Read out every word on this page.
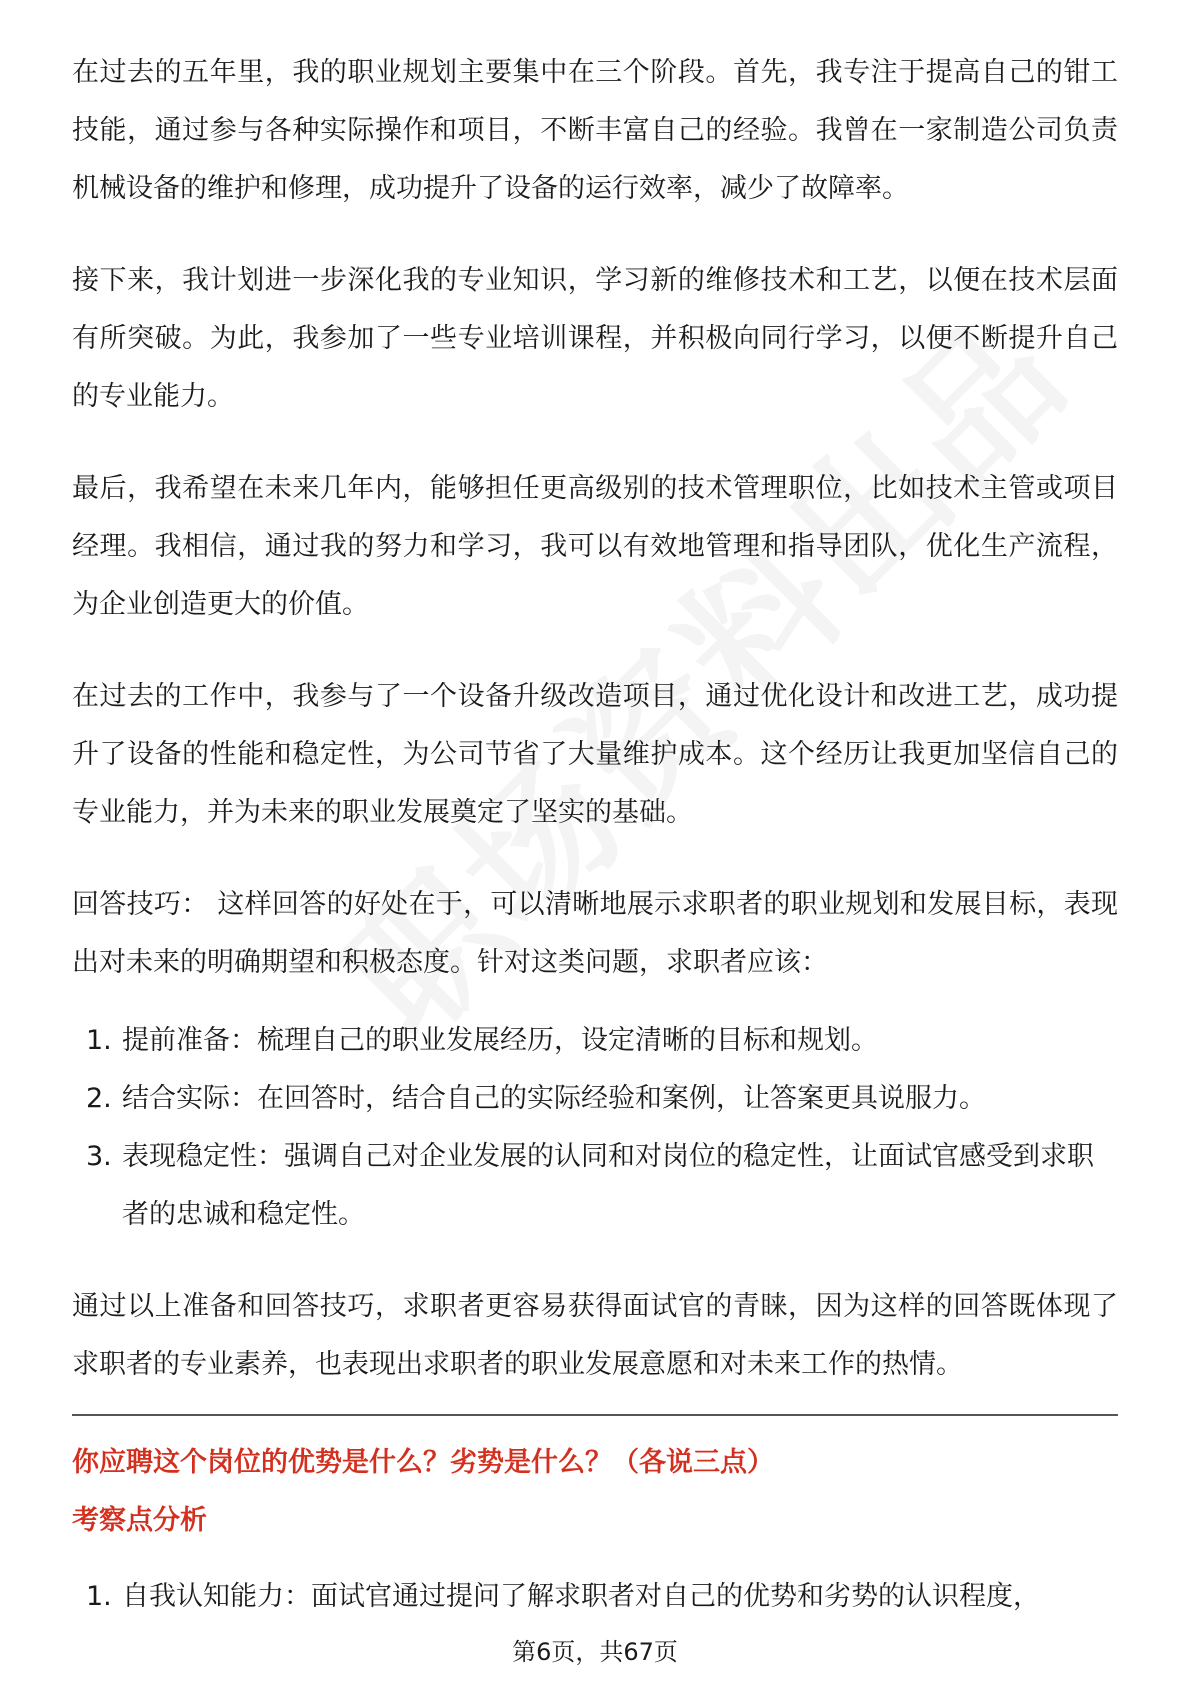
在过去的五年里，我的职业规划主要集中在三个阶段。首先，我专注于提高自己的钳工技能，通过参与各种实际操作和项目，不断丰富自己的经验。我曾在一家制造公司负责机械设备的维护和修理，成功提升了设备的运行效率，减少了故障率。

接下来，我计划进一步深化我的专业知识，学习新的维修技术和工艺，以便在技术层面有所突破。为此，我参加了一些专业培训课程，并积极向同行学习，以便不断提升自己的专业能力。

最后，我希望在未来几年内，能够担任更高级别的技术管理职位，比如技术主管或项目经理。我相信，通过我的努力和学习，我可以有效地管理和指导团队，优化生产流程，为企业创造更大的价值。

在过去的工作中，我参与了一个设备升级改造项目，通过优化设计和改进工艺，成功提升了设备的性能和稳定性，为公司节省了大量维护成本。这个经历让我更加坚信自己的专业能力，并为未来的职业发展奠定了坚实的基础。

回答技巧： 这样回答的好处在于，可以清晰地展示求职者的职业规划和发展目标，表现出对未来的明确期望和积极态度。针对这类问题，求职者应该：

1. 提前准备：梳理自己的职业发展经历，设定清晰的目标和规划。
2. 结合实际：在回答时，结合自己的实际经验和案例，让答案更具说服力。
3. 表现稳定性：强调自己对企业发展的认同和对岗位的稳定性，让面试官感受到求职者的忠诚和稳定性。

通过以上准备和回答技巧，求职者更容易获得面试官的青睐，因为这样的回答既体现了求职者的专业素养，也表现出求职者的职业发展意愿和对未来工作的热情。

你应聘这个岗位的优势是什么？劣势是什么？（各说三点）

考察点分析

1. 自我认知能力：面试官通过提问了解求职者对自己的优势和劣势的认识程度，
第6页，共67页
